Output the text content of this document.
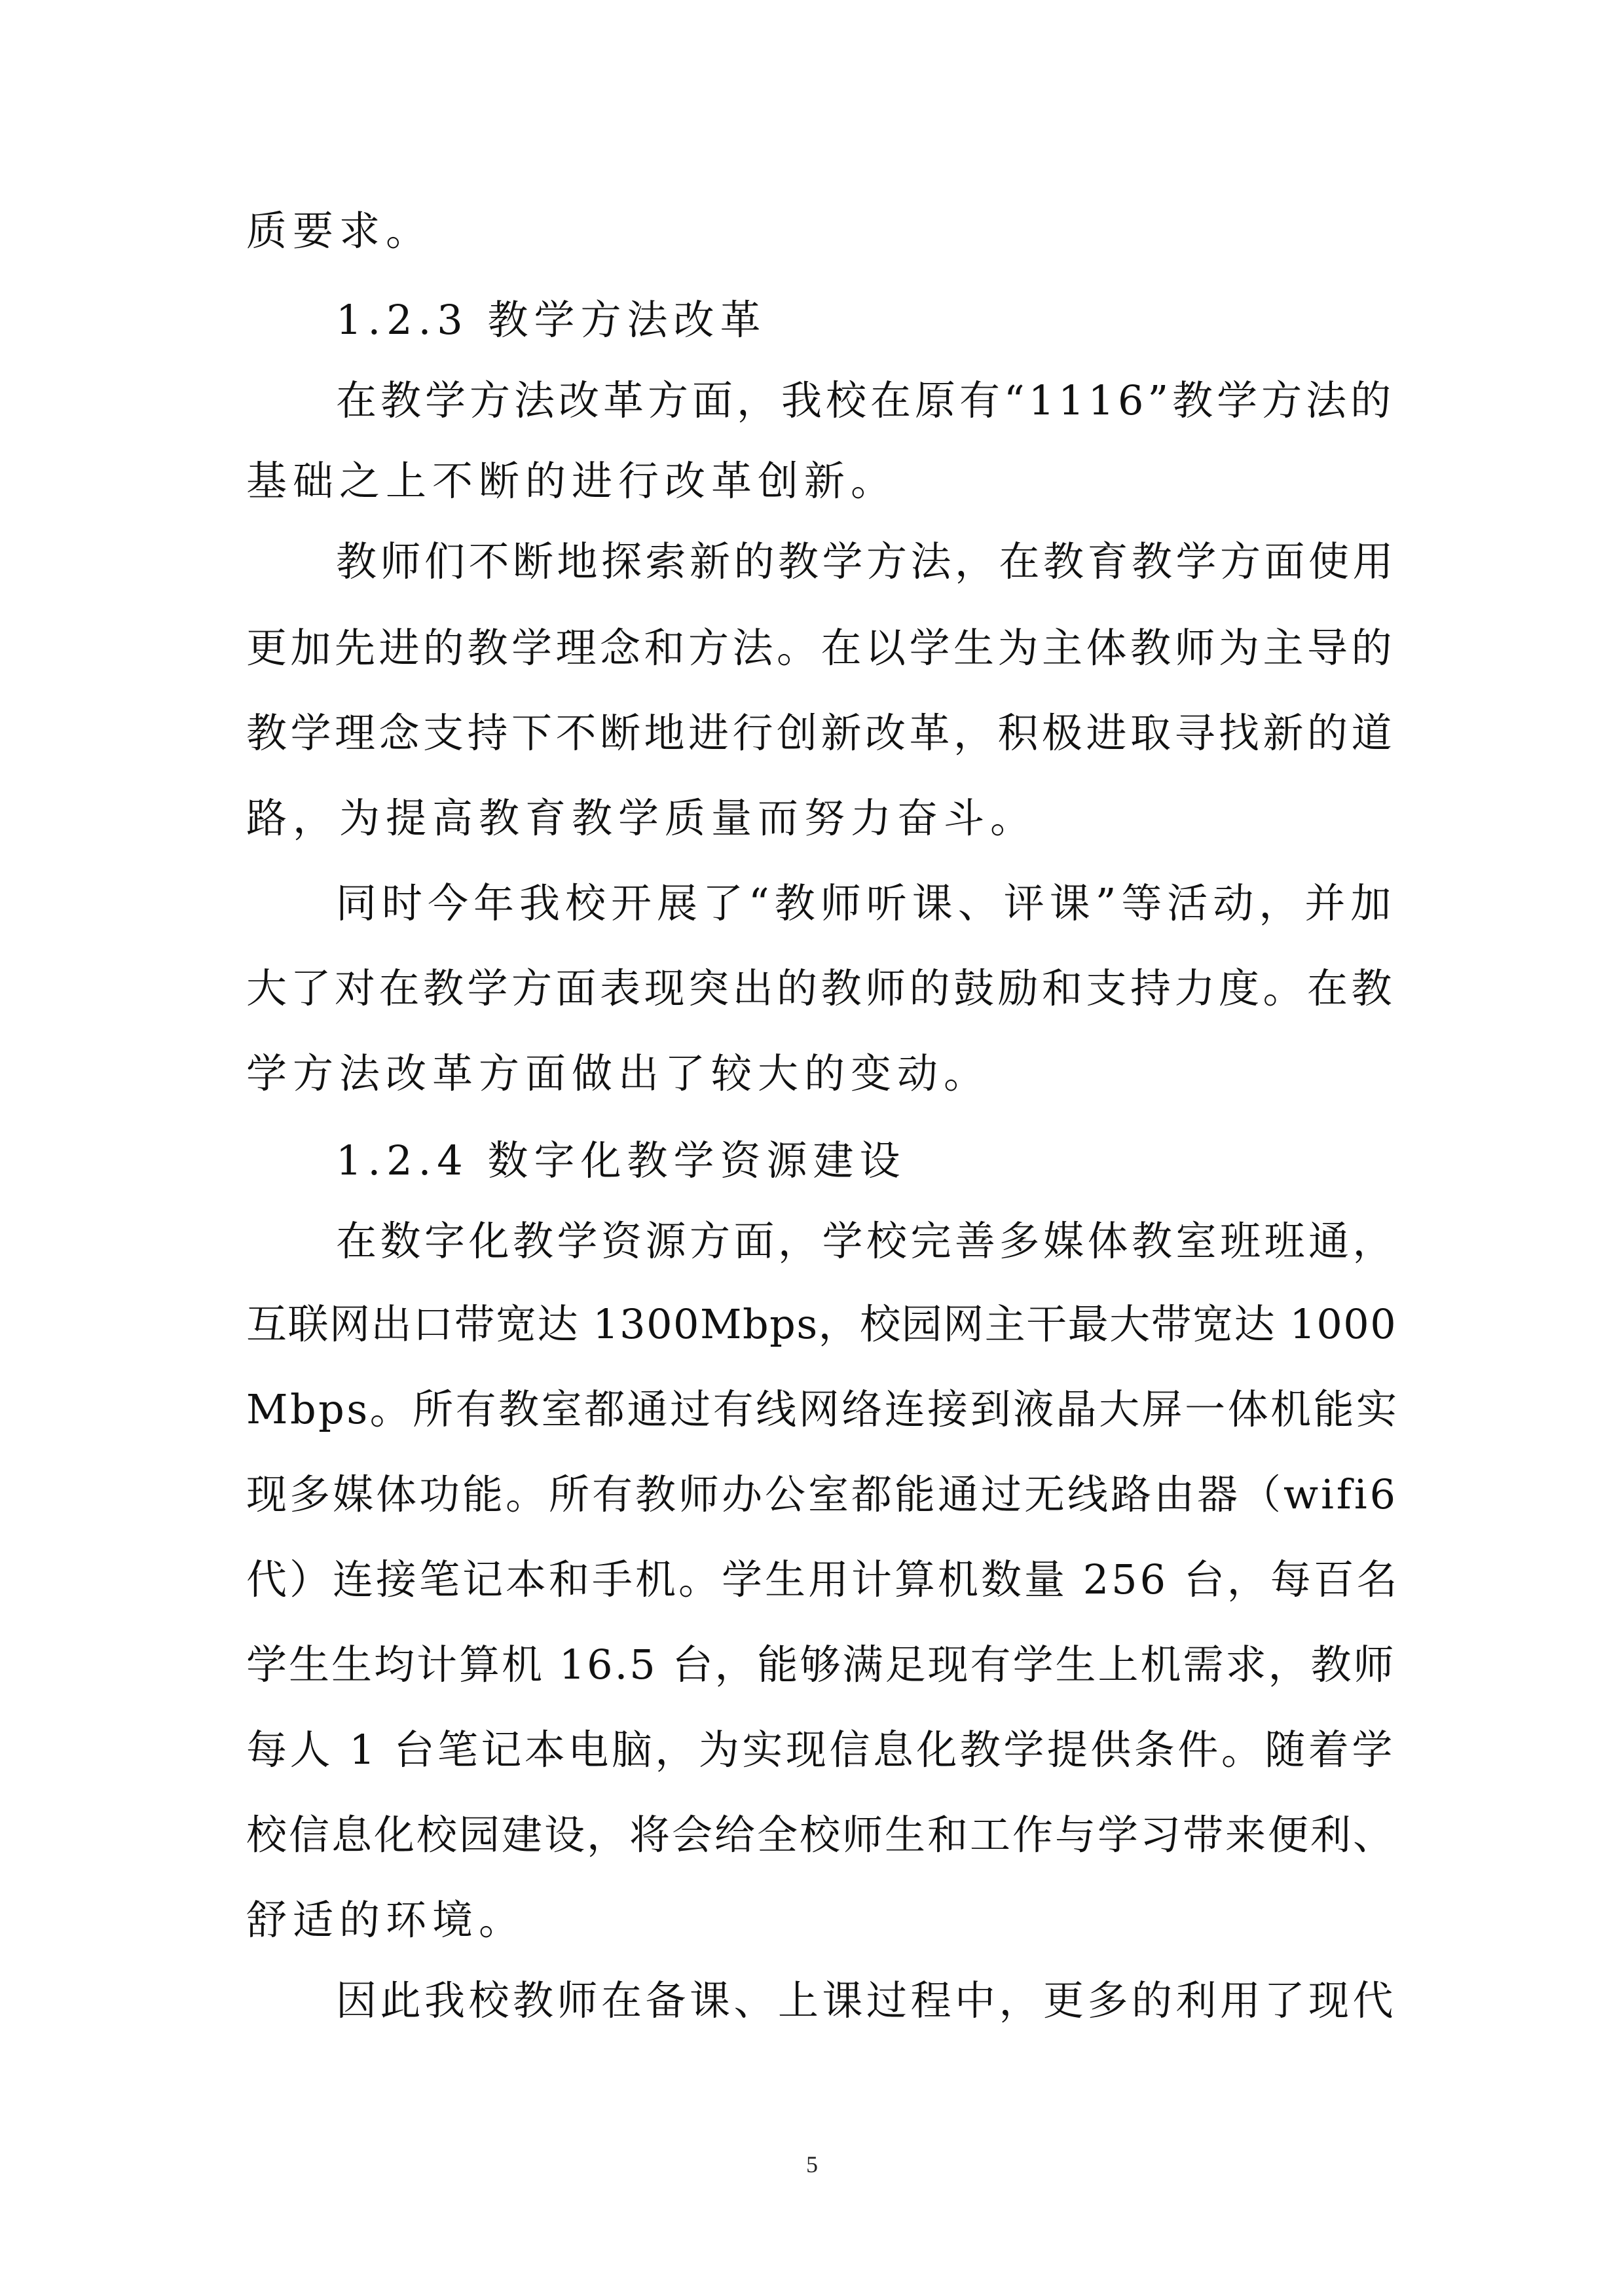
质要求。
1.2.3 教学方法改革
在教学方法改革方面，我校在原有“1116”教学方法的
基础之上不断的进行改革创新。
教师们不断地探索新的教学方法，在教育教学方面使用
更加先进的教学理念和方法。在以学生为主体教师为主导的
教学理念支持下不断地进行创新改革，积极进取寻找新的道
路，为提高教育教学质量而努力奋斗。
同时今年我校开展了“教师听课、评课”等活动，并加
大了对在教学方面表现突出的教师的鼓励和支持力度。在教
学方法改革方面做出了较大的变动。
1.2.4 数字化教学资源建设
在数字化教学资源方面，学校完善多媒体教室班班通，
互联网出口带宽达 1300Mbps，校园网主干最大带宽达 1000
Mbps。所有教室都通过有线网络连接到液晶大屏一体机能实
现多媒体功能。所有教师办公室都能通过无线路由器（wifi6
代）连接笔记本和手机。学生用计算机数量 256 台，每百名
学生生均计算机 16.5 台，能够满足现有学生上机需求，教师
每人 1 台笔记本电脑，为实现信息化教学提供条件。随着学
校信息化校园建设，将会给全校师生和工作与学习带来便利、
舒适的环境。
因此我校教师在备课、上课过程中，更多的利用了现代
5
